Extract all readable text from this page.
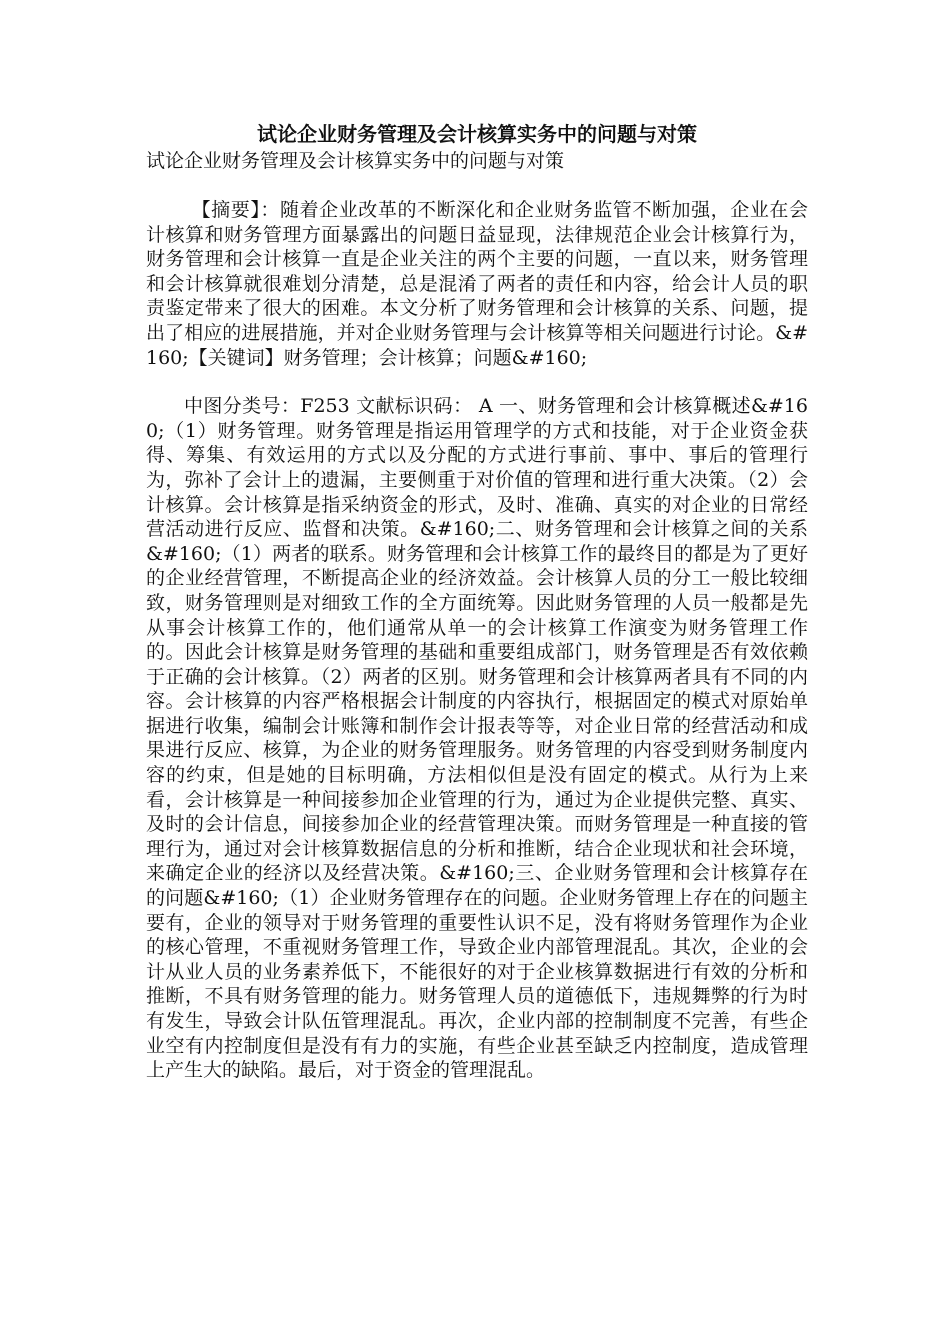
试论企业财务管理及会计核算实务中的问题与对策

试论企业财务管理及会计核算实务中的问题与对策

【摘要】：随着企业改革的不断深化和企业财务监管不断加强，企业在会计核算和财务管理方面暴露出的问题日益显现，法律规范企业会计核算行为，财务管理和会计核算一直是企业关注的两个主要的问题，一直以来，财务管理和会计核算就很难划分清楚，总是混淆了两者的责任和内容，给会计人员的职责鉴定带来了很大的困难。本文分析了财务管理和会计核算的关系、问题，提出了相应的进展措施，并对企业财务管理与会计核算等相关问题进行讨论。&#160;【关键词】财务管理；会计核算；问题&#160;

中图分类号：F253 文献标识码： A 一、财务管理和会计核算概述&#160;（1）财务管理。财务管理是指运用管理学的方式和技能，对于企业资金获得、筹集、有效运用的方式以及分配的方式进行事前、事中、事后的管理行为，弥补了会计上的遗漏，主要侧重于对价值的管理和进行重大决策。（2）会计核算。会计核算是指采纳资金的形式，及时、准确、真实的对企业的日常经营活动进行反应、监督和决策。&#160;二、财务管理和会计核算之间的关系&#160;（1）两者的联系。财务管理和会计核算工作的最终目的都是为了更好的企业经营管理，不断提高企业的经济效益。会计核算人员的分工一般比较细致，财务管理则是对细致工作的全方面统筹。因此财务管理的人员一般都是先从事会计核算工作的，他们通常从单一的会计核算工作演变为财务管理工作的。因此会计核算是财务管理的基础和重要组成部门，财务管理是否有效依赖于正确的会计核算。（2）两者的区别。财务管理和会计核算两者具有不同的内容。会计核算的内容严格根据会计制度的内容执行，根据固定的模式对原始单据进行收集，编制会计账簿和制作会计报表等等，对企业日常的经营活动和成果进行反应、核算，为企业的财务管理服务。财务管理的内容受到财务制度内容的约束，但是她的目标明确，方法相似但是没有固定的模式。从行为上来看，会计核算是一种间接参加企业管理的行为，通过为企业提供完整、真实、及时的会计信息，间接参加企业的经营管理决策。而财务管理是一种直接的管理行为，通过对会计核算数据信息的分析和推断，结合企业现状和社会环境，来确定企业的经济以及经营决策。&#160;三、企业财务管理和会计核算存在的问题&#160;（1）企业财务管理存在的问题。企业财务管理上存在的问题主要有，企业的领导对于财务管理的重要性认识不足，没有将财务管理作为企业的核心管理，不重视财务管理工作，导致企业内部管理混乱。其次，企业的会计从业人员的业务素养低下，不能很好的对于企业核算数据进行有效的分析和推断，不具有财务管理的能力。财务管理人员的道德低下，违规舞弊的行为时有发生，导致会计队伍管理混乱。再次，企业内部的控制制度不完善，有些企业空有内控制度但是没有有力的实施，有些企业甚至缺乏内控制度，造成管理上产生大的缺陷。最后，对于资金的管理混乱。
